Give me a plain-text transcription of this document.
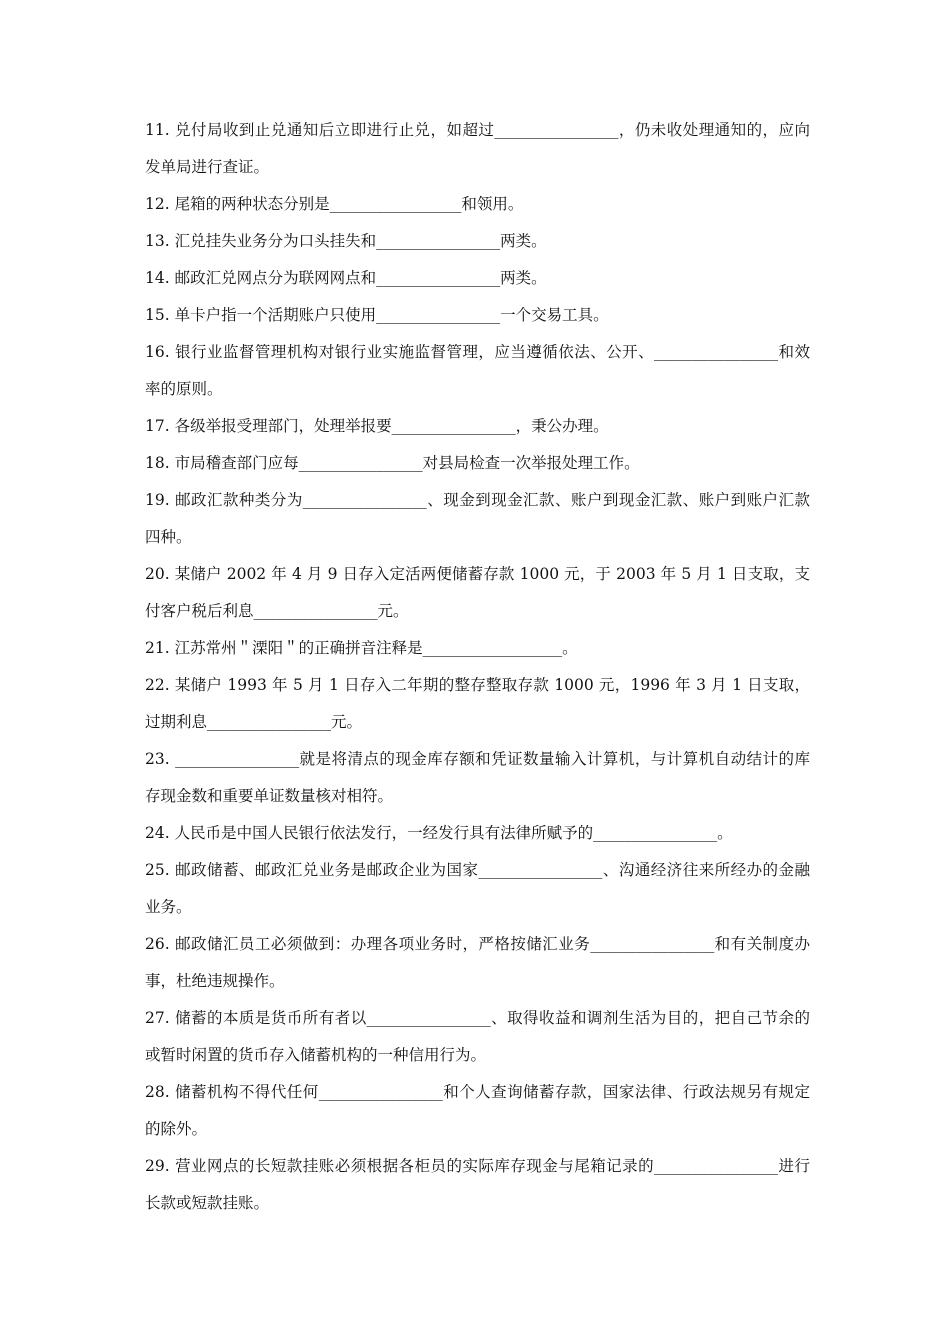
11. 兑付局收到止兑通知后立即进行止兑，如超过________________，仍未收处理通知的，应向发单局进行查证。

12. 尾箱的两种状态分别是_________________和领用。

13. 汇兑挂失业务分为口头挂失和________________两类。

14. 邮政汇兑网点分为联网网点和________________两类。

15. 单卡户指一个活期账户只使用________________一个交易工具。

16. 银行业监督管理机构对银行业实施监督管理，应当遵循依法、公开、________________和效率的原则。

17. 各级举报受理部门，处理举报要________________，秉公办理。

18. 市局稽查部门应每________________对县局检查一次举报处理工作。

19. 邮政汇款种类分为________________、现金到现金汇款、账户到现金汇款、账户到账户汇款四种。

20. 某储户 2002 年 4 月 9 日存入定活两便储蓄存款 1000 元，于 2003 年 5 月 1 日支取，支付客户税后利息________________元。

21. 江苏常州＂溧阳＂的正确拼音注释是__________________。

22. 某储户 1993 年 5 月 1 日存入二年期的整存整取存款 1000 元，1996 年 3 月 1 日支取，过期利息________________元。

23. ________________就是将清点的现金库存额和凭证数量输入计算机，与计算机自动结计的库存现金数和重要单证数量核对相符。

24. 人民币是中国人民银行依法发行，一经发行具有法律所赋予的________________。

25. 邮政储蓄、邮政汇兑业务是邮政企业为国家________________、沟通经济往来所经办的金融业务。

26. 邮政储汇员工必须做到：办理各项业务时，严格按储汇业务________________和有关制度办事，杜绝违规操作。

27. 储蓄的本质是货币所有者以________________、取得收益和调剂生活为目的，把自己节余的或暂时闲置的货币存入储蓄机构的一种信用行为。

28. 储蓄机构不得代任何________________和个人查询储蓄存款，国家法律、行政法规另有规定的除外。

29. 营业网点的长短款挂账必须根据各柜员的实际库存现金与尾箱记录的________________进行长款或短款挂账。
